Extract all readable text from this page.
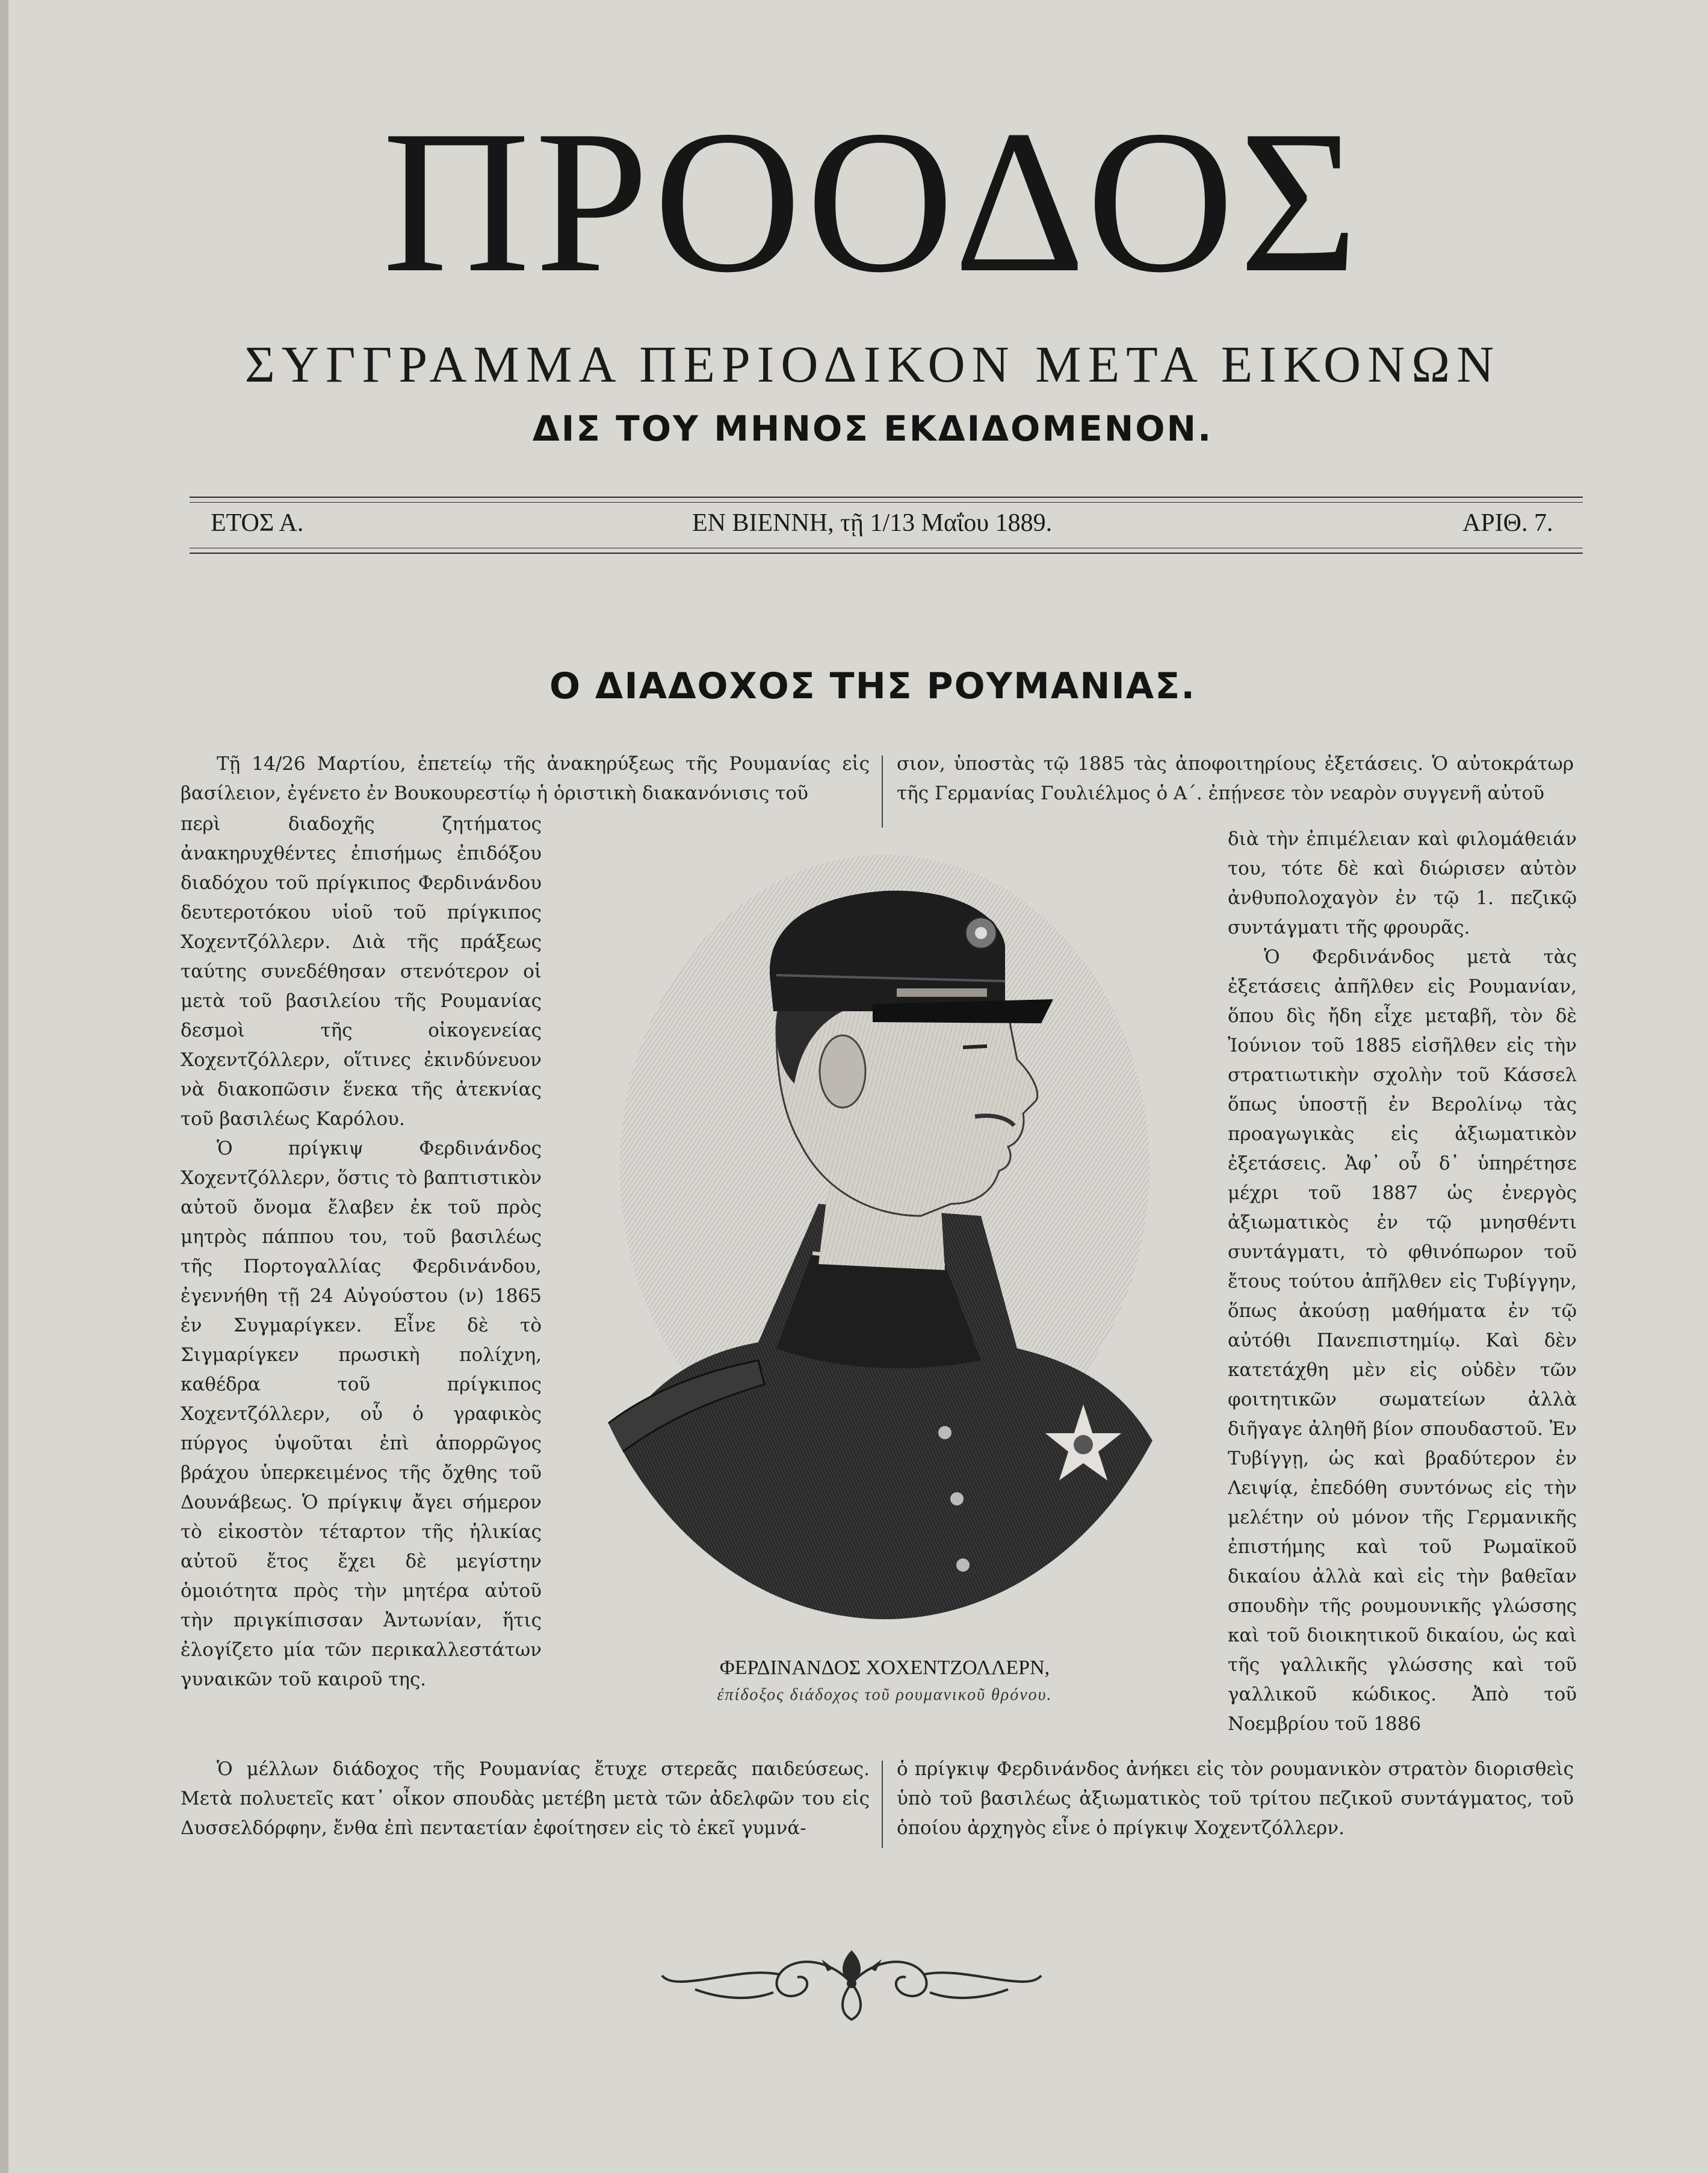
ΠΡΟΟΔΟΣ
ΣΥΓΓΡΑΜΜΑ ΠΕΡΙΟΔΙΚΟΝ ΜΕΤΑ ΕΙΚΟΝΩΝ
ΔΙΣ ΤΟΥ ΜΗΝΟΣ ΕΚΔΙΔΟΜΕΝΟΝ.
ΕΤΟΣ Α.	ΕΝ ΒΙΕΝΝΗ, τῇ 1/13 Μαΐου 1889.	ΑΡΙΘ. 7.
Ο ΔΙΑΔΟΧΟΣ ΤΗΣ ΡΟΥΜΑΝΙΑΣ.

Τῇ 14/26 Μαρτίου, ἐπετείῳ τῆς ἀνακηρύξεως τῆς Ρουμανίας εἰς βασίλειον, ἐγένετο ἐν Βουκουρεστίῳ ἡ ὁριστικὴ διακανόνισις τοῦ

σιον, ὑποστὰς τῷ 1885 τὰς ἀποφοιτηρίους ἐξετάσεις. Ὁ αὐτοκράτωρ τῆς Γερμανίας Γουλιέλμος ὁ Α΄. ἐπῄνεσε τὸν νεαρὸν συγγενῆ αὐτοῦ

περὶ διαδοχῆς ζητήματος ἀνακηρυχθέντες ἐπισήμως ἐπιδόξου διαδόχου τοῦ πρίγκιπος Φερδινάνδου δευτεροτόκου υἱοῦ τοῦ πρίγκιπος Χοχεντζόλλερν. Διὰ τῆς πράξεως ταύτης συνεδέθησαν στενότερον οἱ μετὰ τοῦ βασιλείου τῆς Ρουμανίας δεσμοὶ τῆς οἰκογενείας Χοχεντζόλλερν, οἵτινες ἐκινδύνευον νὰ διακοπῶσιν ἕνεκα τῆς ἀτεκνίας τοῦ βασιλέως Καρόλου.

Ὁ πρίγκιψ Φερδινάνδος Χοχεντζόλλερν, ὅστις τὸ βαπτιστικὸν αὐτοῦ ὄνομα ἔλαβεν ἐκ τοῦ πρὸς μητρὸς πάππου του, τοῦ βασιλέως τῆς Πορτογαλλίας Φερδινάνδου, ἐγεννήθη τῇ 24 Αὐγούστου (ν) 1865 ἐν Συγμαρίγκεν. Εἶνε δὲ τὸ Σιγμαρίγκεν πρωσικὴ πολίχνη, καθέδρα τοῦ πρίγκιπος Χοχεντζόλλερν, οὗ ὁ γραφικὸς πύργος ὑψοῦται ἐπὶ ἀπορρῶγος βράχου ὑπερκειμένος τῆς ὄχθης τοῦ Δουνάβεως. Ὁ πρίγκιψ ἄγει σήμερον τὸ εἰκοστὸν τέταρτον τῆς ἡλικίας αὐτοῦ ἔτος ἔχει δὲ μεγίστην ὁμοιότητα πρὸς τὴν μητέρα αὐτοῦ τὴν πριγκίπισσαν Ἀντωνίαν, ἥτις ἐλογίζετο μία τῶν περικαλλεστάτων γυναικῶν τοῦ καιροῦ της.

ΦΕΡΔΙΝΑΝΔΟΣ ΧΟΧΕΝΤΖΟΛΛΕΡΝ,
ἐπίδοξος διάδοχος τοῦ ρουμανικοῦ θρόνου.

διὰ τὴν ἐπιμέλειαν καὶ φιλομάθειάν του, τότε δὲ καὶ διώρισεν αὐτὸν ἀνθυπολοχαγὸν ἐν τῷ 1. πεζικῷ συντάγματι τῆς φρουρᾶς.

Ὁ Φερδινάνδος μετὰ τὰς ἐξετάσεις ἀπῆλθεν εἰς Ρουμανίαν, ὅπου δὶς ἤδη εἶχε μεταβῆ, τὸν δὲ Ἰούνιον τοῦ 1885 εἰσῆλθεν εἰς τὴν στρατιωτικὴν σχολὴν τοῦ Κάσσελ ὅπως ὑποστῇ ἐν Βερολίνῳ τὰς προαγωγικὰς εἰς ἀξιωματικὸν ἐξετάσεις. Ἀφ᾽ οὗ δ᾽ ὑπηρέτησε μέχρι τοῦ 1887 ὡς ἐνεργὸς ἀξιωματικὸς ἐν τῷ μνησθέντι συντάγματι, τὸ φθινόπωρον τοῦ ἔτους τούτου ἀπῆλθεν εἰς Τυβίγγην, ὅπως ἀκούσῃ μαθήματα ἐν τῷ αὐτόθι Πανεπιστημίῳ. Καὶ δὲν κατετάχθη μὲν εἰς οὐδὲν τῶν φοιτητικῶν σωματείων ἀλλὰ διῆγαγε ἀληθῆ βίον σπουδαστοῦ. Ἐν Τυβίγγῃ, ὡς καὶ βραδύτερον ἐν Λειψίᾳ, ἐπεδόθη συντόνως εἰς τὴν μελέτην οὐ μόνον τῆς Γερμανικῆς ἐπιστήμης καὶ τοῦ Ρωμαϊκοῦ δικαίου ἀλλὰ καὶ εἰς τὴν βαθεῖαν σπουδὴν τῆς ρουμουνικῆς γλώσσης καὶ τοῦ διοικητικοῦ δικαίου, ὡς καὶ τῆς γαλλικῆς γλώσσης καὶ τοῦ γαλλικοῦ κώδικος. Ἀπὸ τοῦ Νοεμβρίου τοῦ 1886

Ὁ μέλλων διάδοχος τῆς Ρουμανίας ἔτυχε στερεᾶς παιδεύσεως. Μετὰ πολυετεῖς κατ᾽ οἶκον σπουδὰς μετέβη μετὰ τῶν ἀδελφῶν του εἰς Δυσσελδόρφην, ἔνθα ἐπὶ πενταετίαν ἐφοίτησεν εἰς τὸ ἐκεῖ γυμνά-

ὁ πρίγκιψ Φερδινάνδος ἀνήκει εἰς τὸν ρουμανικὸν στρατὸν διορισθεὶς ὑπὸ τοῦ βασιλέως ἀξιωματικὸς τοῦ τρίτου πεζικοῦ συντάγματος, τοῦ ὁποίου ἀρχηγὸς εἶνε ὁ πρίγκιψ Χοχεντζόλλερν.
